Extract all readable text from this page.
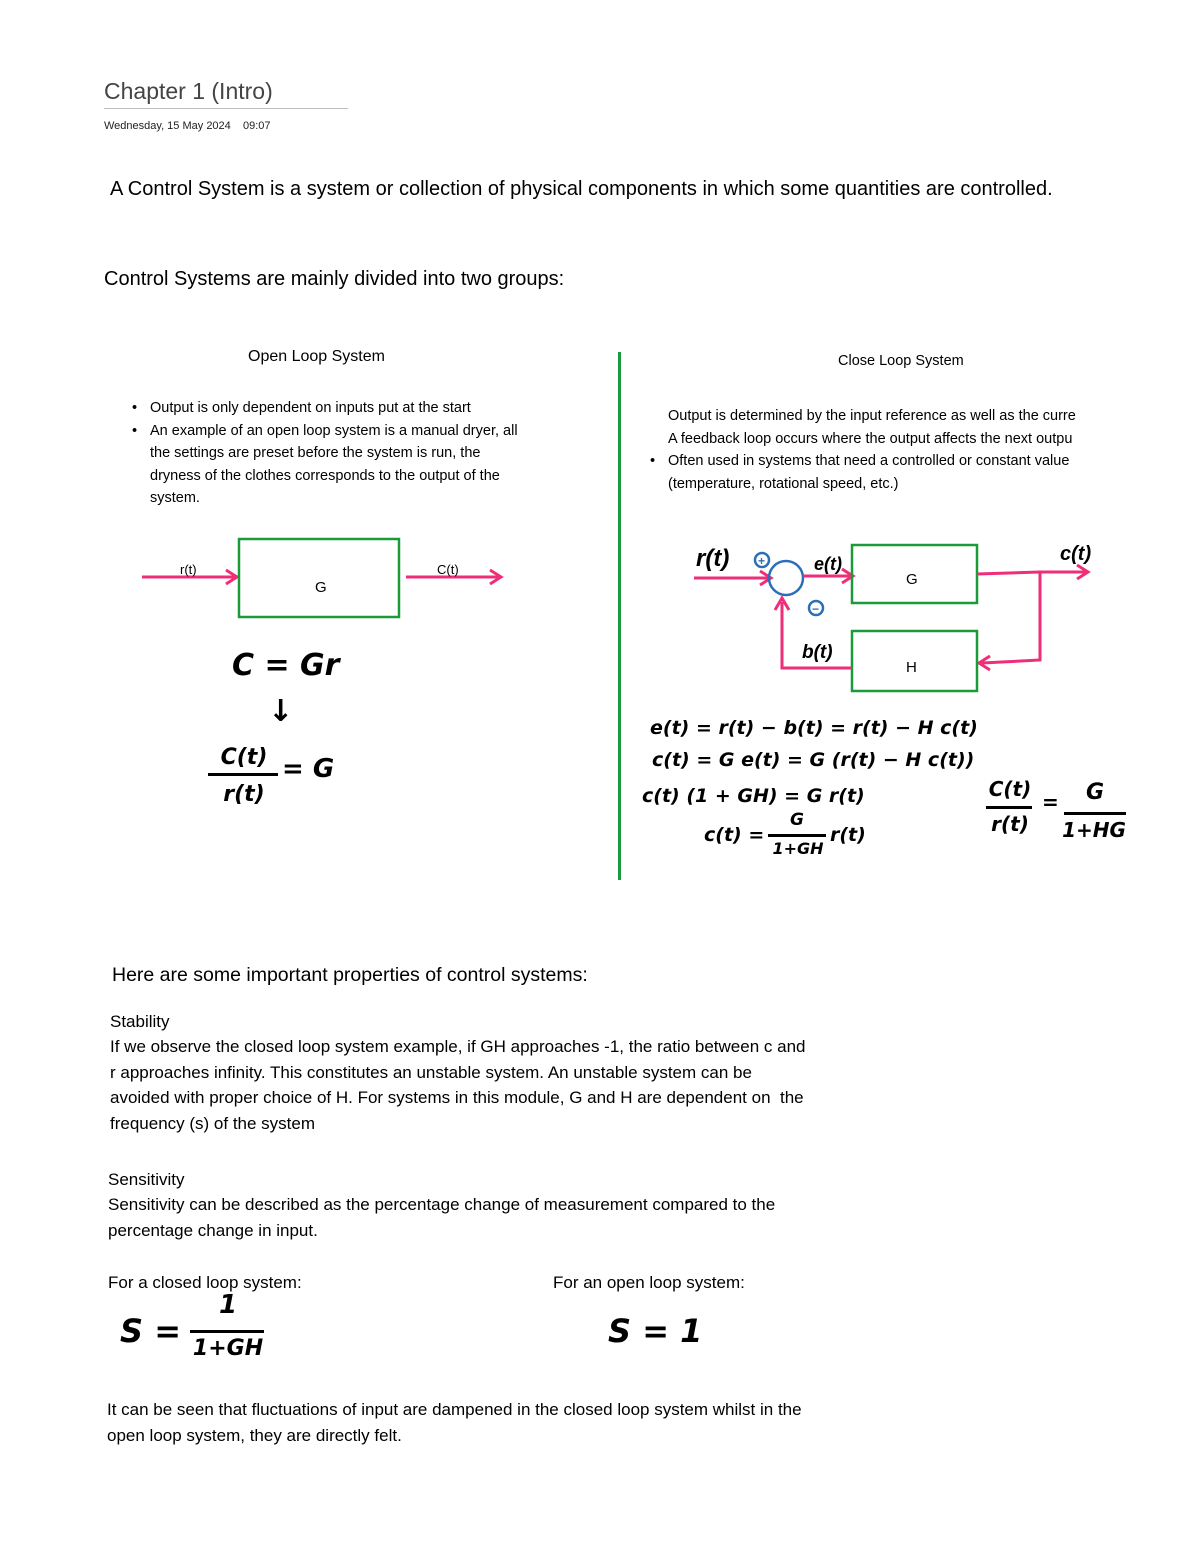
Chapter 1 (Intro)
Wednesday, 15 May 2024    09:07
A Control System is a system or collection of physical components in which some quantities are controlled.
Control Systems are mainly divided into two groups:
Open Loop System
• Output is only dependent on inputs put at the start
• An example of an open loop system is a manual dryer, all
the settings are preset before the system is run, the
dryness of the clothes corresponds to the output of the
system.
r(t)
G
C(t)
C = Gr
↓
C(t)
r(t)
= G
Close Loop System
• Output is determined by the input reference as well as the curre
• A feedback loop occurs where the output affects the next outpu
• Often used in systems that need a controlled or constant value
(temperature, rotational speed, etc.)
+
−
r(t)	e(t)
G
c(t)
H
b(t)
e(t) = r(t) − b(t) = r(t) − H c(t)
c(t) = G e(t) = G (r(t) − H c(t))
c(t) (1 + GH) = G r(t)
c(t) =
G
1+GH
r(t)
C(t)
r(t)
=	G
1+HG
Here are some important properties of control systems:
Stability
If we observe the closed loop system example, if GH approaches -1, the ratio between c and
r approaches infinity. This constitutes an unstable system. An unstable system can be
avoided with proper choice of H. For systems in this module, G and H are dependent on  the
frequency (s) of the system
Sensitivity
Sensitivity can be described as the percentage change of measurement compared to the
percentage change in input.
For a closed loop system:	For an open loop system:
S =
1
1+GH	S = 1
It can be seen that fluctuations of input are dampened in the closed loop system whilst in the
open loop system, they are directly felt.
